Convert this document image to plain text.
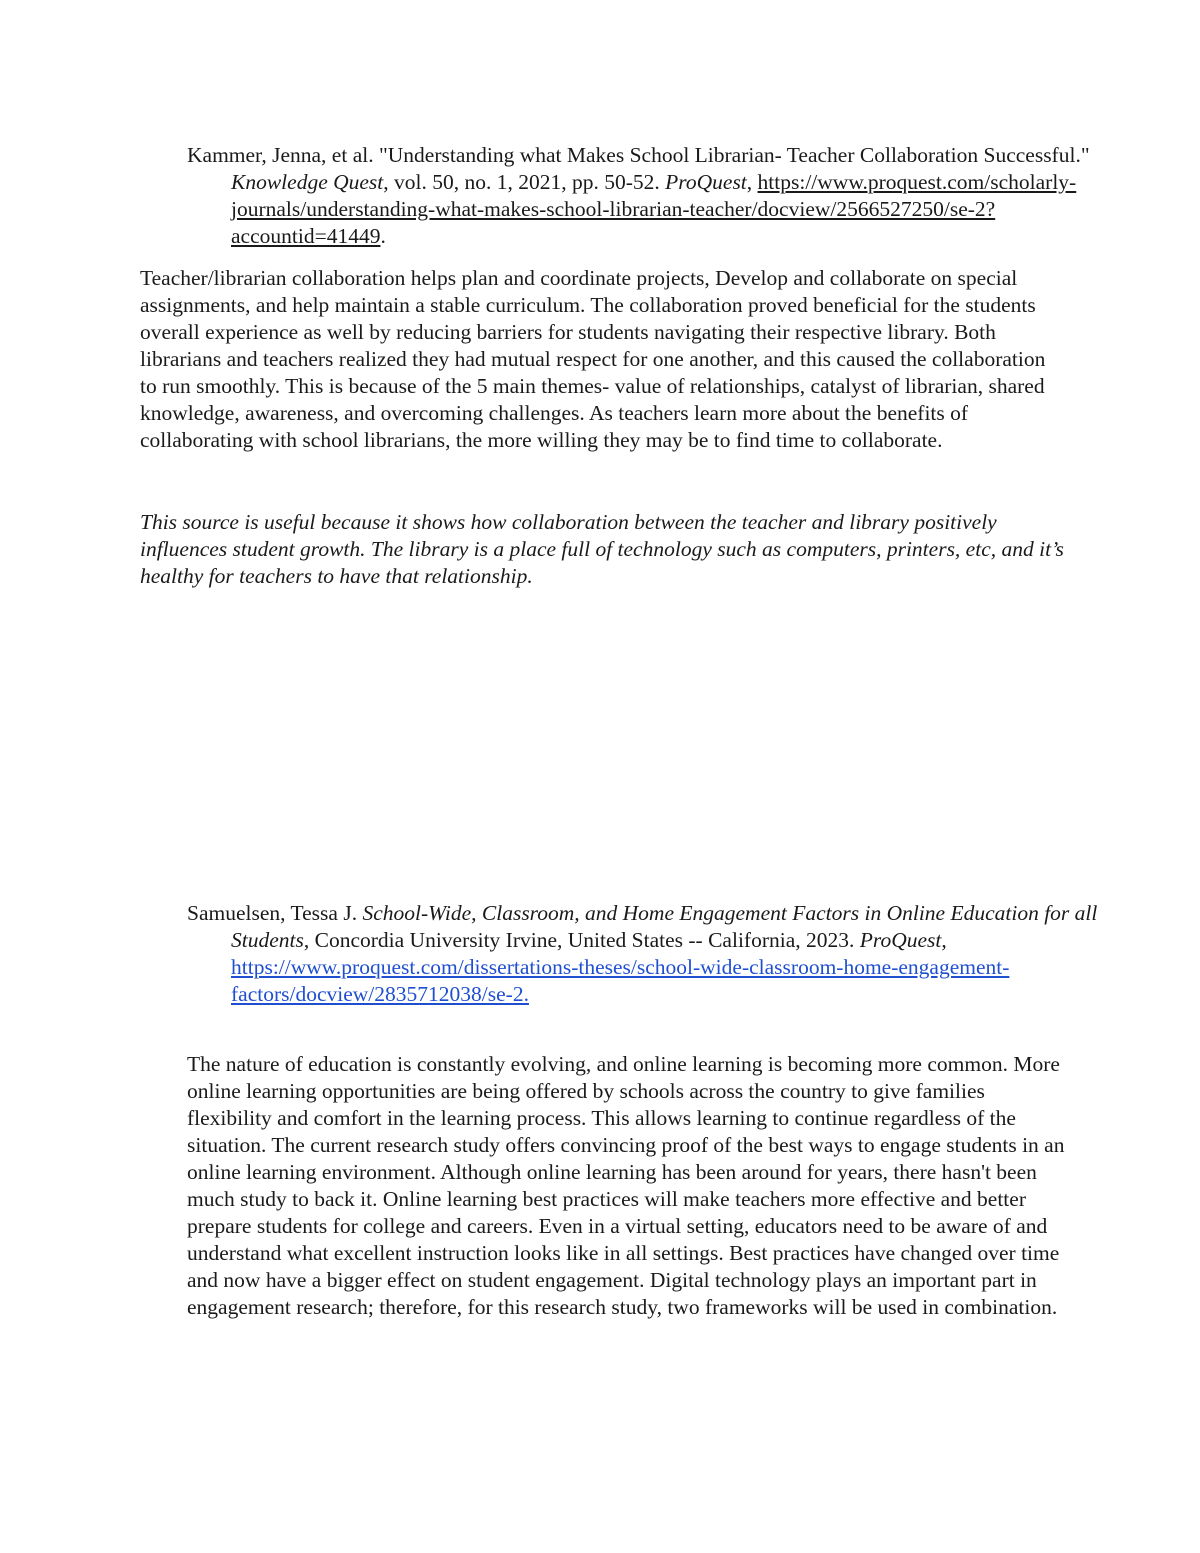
Kammer, Jenna, et al. "Understanding what Makes School Librarian- Teacher Collaboration Successful." Knowledge Quest, vol. 50, no. 1, 2021, pp. 50-52. ProQuest, https://www.proquest.com/scholarly-journals/understanding-what-makes-school-librarian-teacher/docview/2566527250/se-2?accountid=41449.

Teacher/librarian collaboration helps plan and coordinate projects, Develop and collaborate on special assignments, and help maintain a stable curriculum. The collaboration proved beneficial for the students overall experience as well by reducing barriers for students navigating their respective library. Both librarians and teachers realized they had mutual respect for one another, and this caused the collaboration to run smoothly. This is because of the 5 main themes- value of relationships, catalyst of librarian, shared knowledge, awareness, and overcoming challenges. As teachers learn more about the benefits of collaborating with school librarians, the more willing they may be to find time to collaborate.

This source is useful because it shows how collaboration between the teacher and library positively influences student growth. The library is a place full of technology such as computers, printers, etc, and it’s healthy for teachers to have that relationship.

Samuelsen, Tessa J. School-Wide, Classroom, and Home Engagement Factors in Online Education for all Students, Concordia University Irvine, United States -- California, 2023. ProQuest, https://www.proquest.com/dissertations-theses/school-wide-classroom-home-engagement-factors/docview/2835712038/se-2.

The nature of education is constantly evolving, and online learning is becoming more common. More online learning opportunities are being offered by schools across the country to give families flexibility and comfort in the learning process. This allows learning to continue regardless of the situation. The current research study offers convincing proof of the best ways to engage students in an online learning environment. Although online learning has been around for years, there hasn't been much study to back it. Online learning best practices will make teachers more effective and better prepare students for college and careers. Even in a virtual setting, educators need to be aware of and understand what excellent instruction looks like in all settings. Best practices have changed over time and now have a bigger effect on student engagement. Digital technology plays an important part in engagement research; therefore, for this research study, two frameworks will be used in combination.
